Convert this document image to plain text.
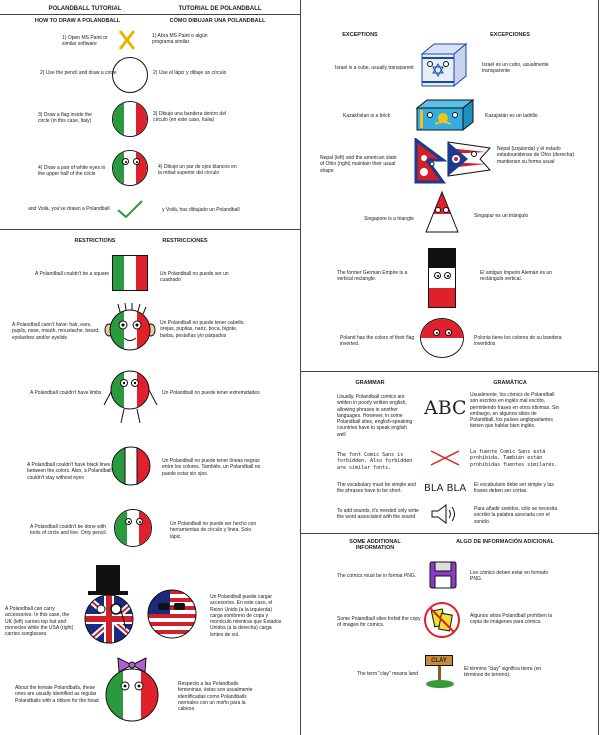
POLANDBALL TUTORIAL	TUTORIAL DE POLANDBALL
HOW TO DRAW A POLANDBALL	CÓMO DIBUJAR UNA POLANDBALL
1) Open MS Paint or similar software
1) Abra MS Paint o algún programa similar
2) Use the pencil and draw a circle	2) Use el lápiz y dibuje un círculo
3) Draw a flag inside the circle (in this case, Italy)
3) Dibuje una bandera dentro del círculo (en este caso, Italia)
4) Draw a pair of white eyes in the upper half of the circle
4) Dibuje un par de ojos blancos en la mitad superior del círculo
and Voilà, you've drawn a Polandball	y Voilà, has dibujado un Polandball
RESTRICTIONS	RESTRICCIONES
A Polandball couldn't be a square	Un Polandball no puede ser un cuadrado
A Polandball cann't have: hair, ears, pupils, nose, mouth, moustache, beard, eyelashes and/or eyelids
Un Polandball no puede tener cabello, orejas, pupilas, nariz, boca, bigote, barba, pestañas y/o párpados
A Polandball couldn't have limbs	Un Polandball no puede tener extremidades
A Polandball couldn't have black lines between the colors. Also, a Polandball couldn't stay without eyes
Un Polandball no puede tener líneas negras entre los colores. También, un Polandball no puede estar sin ojos.
A Polandball couldn't be done with tools of circle and line. Only pencil.
Un Polandball no puede ser hecho con herramientas de círculo y línea. Solo lápiz.
A Polandball can carry accessories. In this case, the UK (left) carries top hat and monocles while the USA (right) carries sunglasses
Un Polandball puede cargar accesorios. En este caso, el Reino Unido (a la izquierda) carga sombrero de copa y monóculo mientras que Estados Unidos (a la derecha) carga lentes de sol.
About the female Polandballs, these ones are usually identified as regular Polandballs with a ribbon for the head
Respecto a las Polandballs femeninas, éstas son usualmente identificadas como Polandballs normales con un moño para la cabeza
EXCEPTIONS	EXCEPCIONES
Israel is a cube, usually transparent	Israel es un cubo, usualmente transparente
Kazakhstan is a brick	Kazajistán es un ladrillo
Nepal (left) and the american state of Ohio (right) maintain their usual shape
Nepal (izquierda) y el estado estadounidense de Ohio (derecha) mantienen su forma usual
Singapore is a triangle	Singapur es un triángulo
The former German Empire is a vertical rectangle.
El antiguo Imperio Alemán es un rectángulo vertical.
Poland has the colors of their flag inverted.
Polonia tiene los colores de su bandera invertidos
GRAMMAR	GRAMÁTICA
Usually, Polandball comics are written in poorly written english, allowing phrases in another languages. However, in some Polandball sites, english-speaking countries have to speak english well
ABC
Usualmente, los cómics de Polandball son escritos en inglés mal escrito, permitiendo frases en otros idiomas. Sin embargo, en algunos sitios de Polandball, los países angloparlantes tienen que hablar bien inglés.
The font Comic Sans is forbidden. Also forbidden are similar fonts.
La fuente Comic Sans está prohibida. También están prohibidas fuentes similares.
The vocabulary must be simple and the phrases have to be short.	BLA BLA El vocabulario debe ser simple y las frases deben ser cortas.
To add sounds, it's needed only write the word associated with the sound
Para añadir sonidos, sólo se necesita escribir la palabra asociada con el sonido.
SOME ADDITIONAL INFORMATION
ALGO DE INFORMACIÓN ADICIONAL
The comics must be in format PNG.	Los cómics deben estar en formato PNG.
Some Polandball sites forbid the copy of images for comics.
Algunos sitios Polandball prohíben la copia de imágenes para cómics.
The term "clay" means land
CLAY
El término "clay" significa tierra (en términos de terreno).
